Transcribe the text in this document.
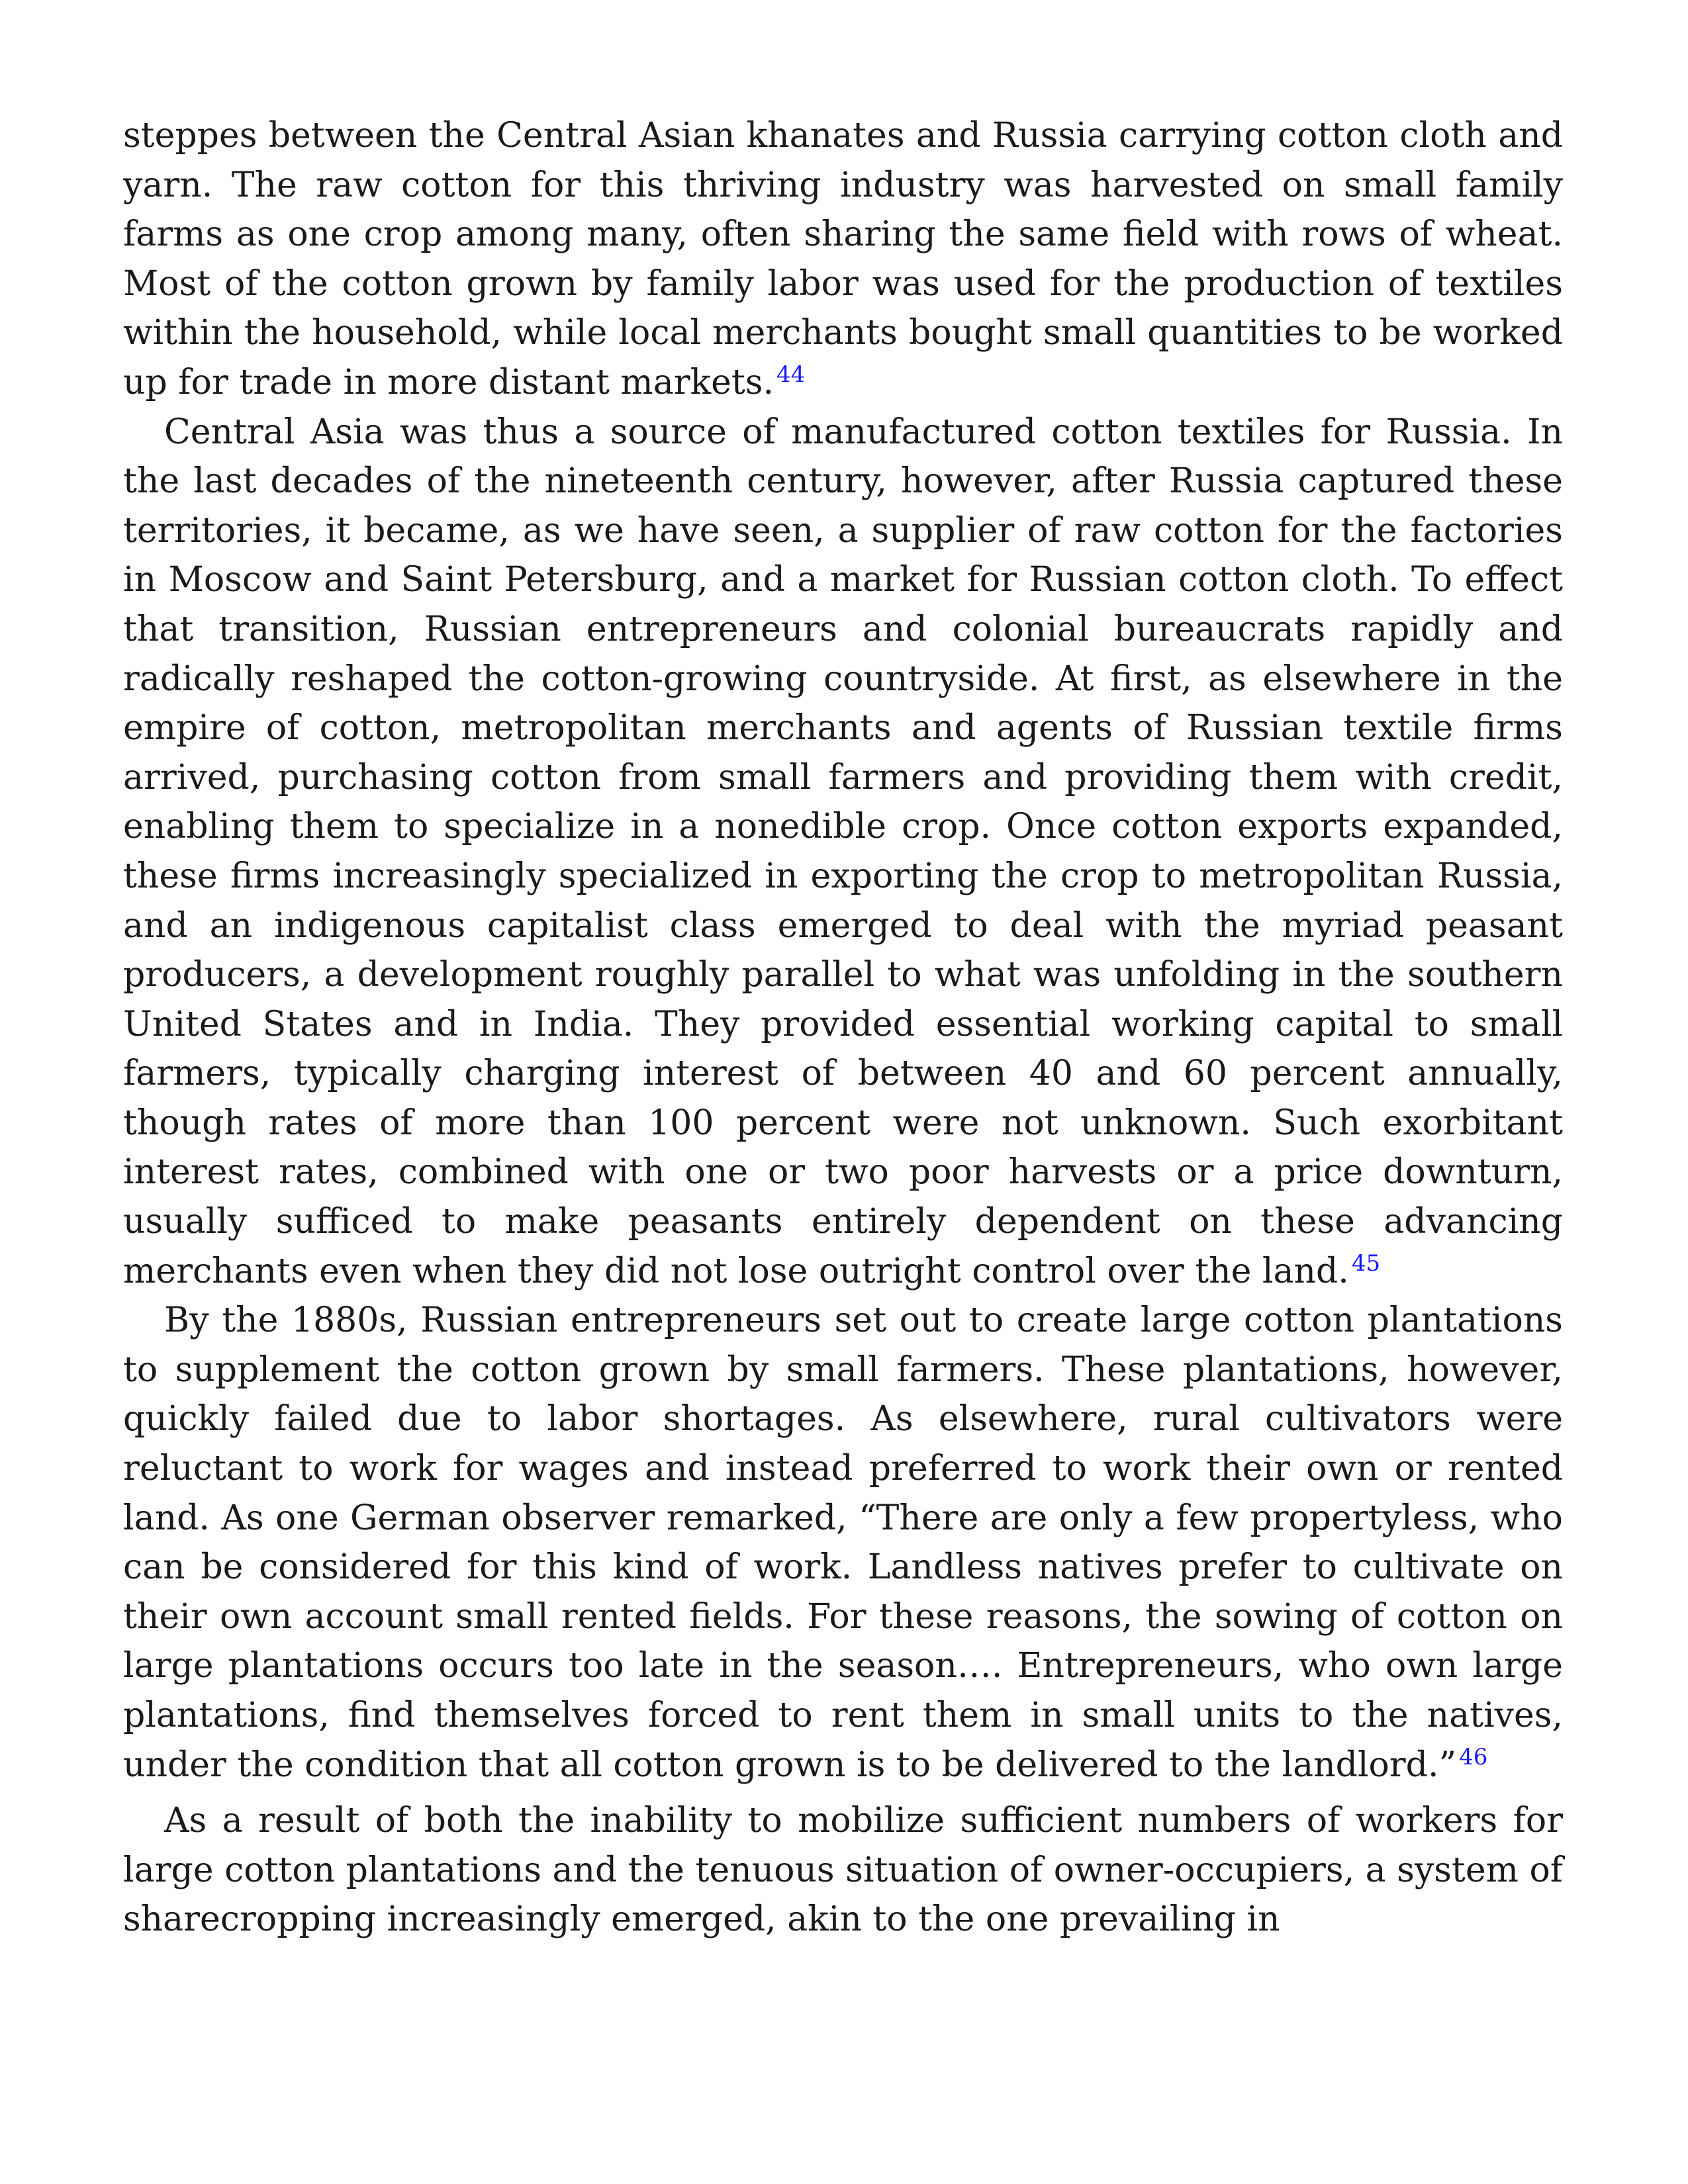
steppes between the Central Asian khanates and Russia carrying cotton cloth and yarn. The raw cotton for this thriving industry was harvested on small family farms as one crop among many, often sharing the same field with rows of wheat. Most of the cotton grown by family labor was used for the production of textiles within the household, while local merchants bought small quantities to be worked up for trade in more distant markets. $^{44}$

Central Asia was thus a source of manufactured cotton textiles for Russia. In the last decades of the nineteenth century, however, after Russia captured these territories, it became, as we have seen, a supplier of raw cotton for the factories in Moscow and Saint Petersburg, and a market for Russian cotton cloth. To effect that transition, Russian entrepreneurs and colonial bureaucrats rapidly and radically reshaped the cotton-growing countryside. At first, as elsewhere in the empire of cotton, metropolitan merchants and agents of Russian textile firms arrived, purchasing cotton from small farmers and providing them with credit, enabling them to specialize in a nonedible crop. Once cotton exports expanded, these firms increasingly specialized in exporting the crop to metropolitan Russia, and an indigenous capitalist class emerged to deal with the myriad peasant producers, a development roughly parallel to what was unfolding in the southern United States and in India. They provided essential working capital to small farmers, typically charging interest of between 40 and 60 percent annually, though rates of more than 100 percent were not unknown. Such exorbitant interest rates, combined with one or two poor harvests or a price downturn, usually sufficed to make peasants entirely dependent on these advancing merchants even when they did not lose outright control over the land. $^{45}$

By the 1880s, Russian entrepreneurs set out to create large cotton plantations to supplement the cotton grown by small farmers. These plantations, however, quickly failed due to labor shortages. As elsewhere, rural cultivators were reluctant to work for wages and instead preferred to work their own or rented land. As one German observer remarked, “There are only a few propertyless, who can be considered for this kind of work. Landless natives prefer to cultivate on their own account small rented fields. For these reasons, the sowing of cotton on large plantations occurs too late in the season…. Entrepreneurs, who own large plantations, find themselves forced to rent them in small units to the natives, under the condition that all cotton grown is to be delivered to the landlord.” $^{46}$

As a result of both the inability to mobilize sufficient numbers of workers for large cotton plantations and the tenuous situation of owner-occupiers, a system of sharecropping increasingly emerged, akin to the one prevailing in
